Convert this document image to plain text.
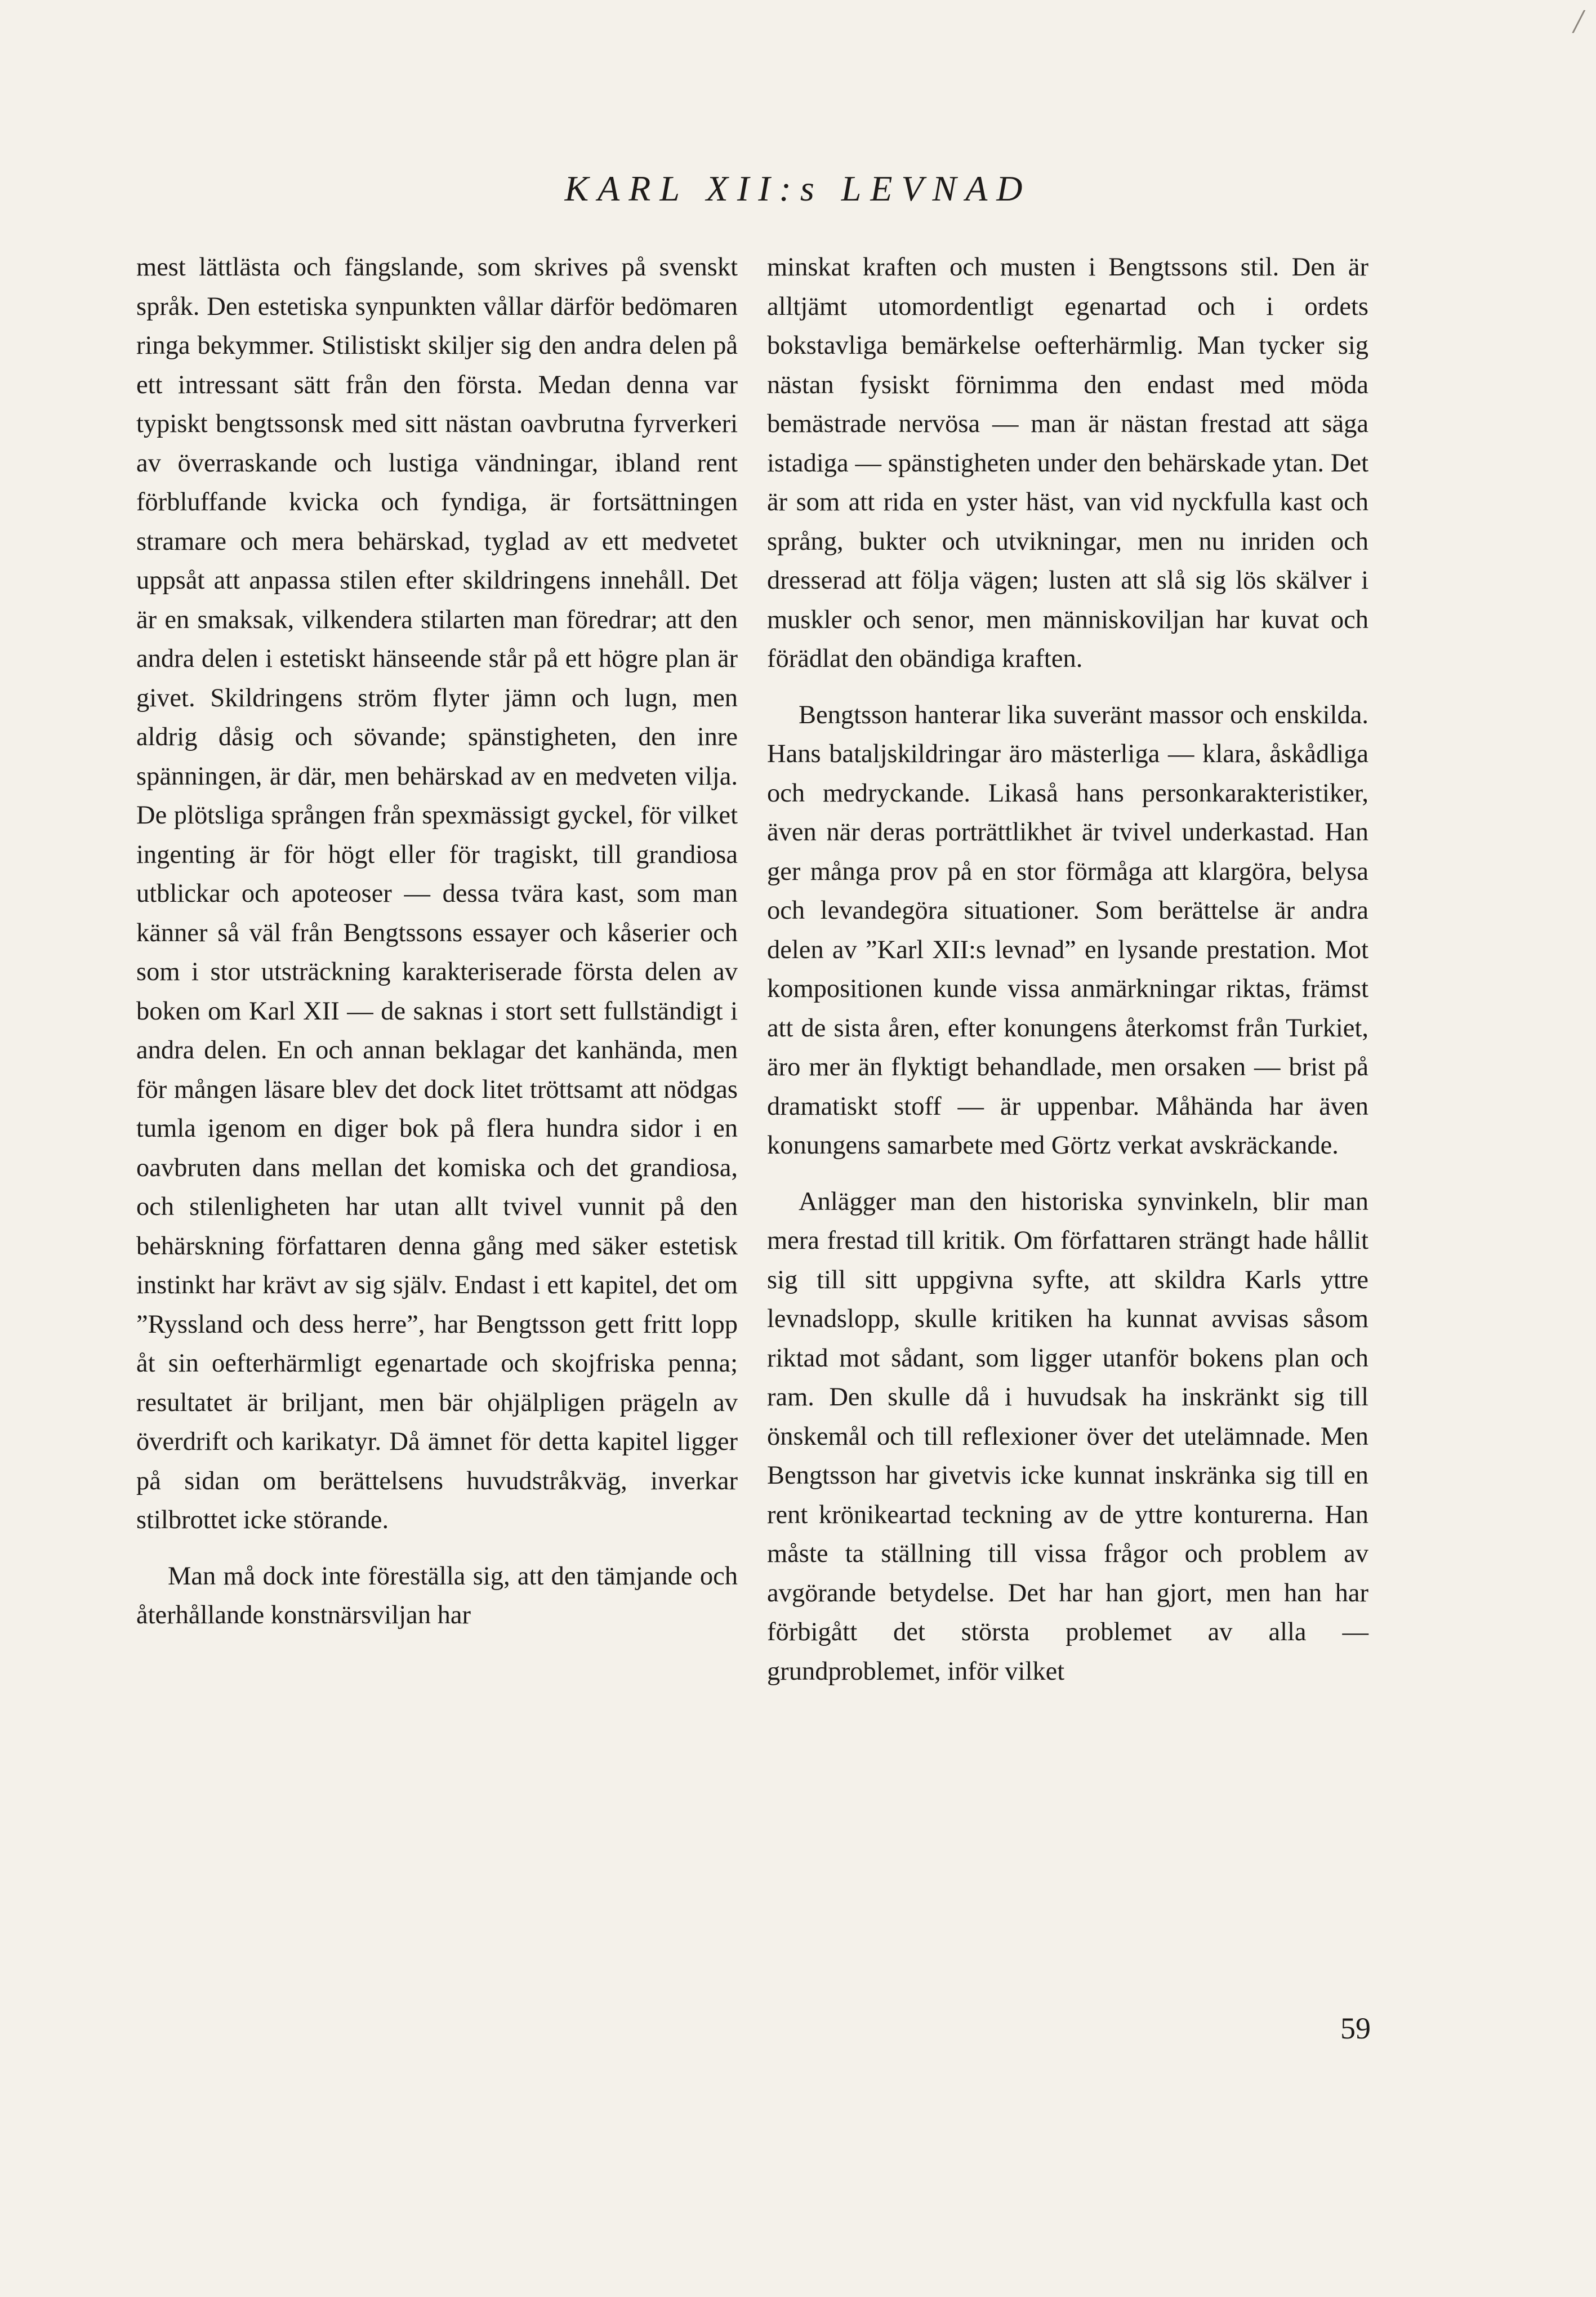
/
KARL XII:s LEVNAD

mest lättlästa och fängslande, som skrives på svenskt språk. Den estetiska synpunkten vållar därför bedömaren ringa bekymmer. Stilistiskt skiljer sig den andra delen på ett intressant sätt från den första. Medan denna var typiskt bengtssonsk med sitt nästan oavbrutna fyrverkeri av överraskande och lustiga vändningar, ibland rent förbluffande kvicka och fyndiga, är fortsättningen stramare och mera behärskad, tyglad av ett medvetet uppsåt att anpassa stilen efter skildringens innehåll. Det är en smaksak, vilkendera stilarten man föredrar; att den andra delen i estetiskt hänseende står på ett högre plan är givet. Skildringens ström flyter jämn och lugn, men aldrig dåsig och sövande; spänstigheten, den inre spänningen, är där, men behärskad av en medveten vilja. De plötsliga sprången från spexmässigt gyckel, för vilket ingenting är för högt eller för tragiskt, till grandiosa utblickar och apoteoser — dessa tvära kast, som man känner så väl från Bengtssons essayer och kåserier och som i stor utsträckning karakteriserade första delen av boken om Karl XII — de saknas i stort sett fullständigt i andra delen. En och annan beklagar det kanhända, men för mången läsare blev det dock litet tröttsamt att nödgas tumla igenom en diger bok på flera hundra sidor i en oavbruten dans mellan det komiska och det grandiosa, och stilenligheten har utan allt tvivel vunnit på den behärskning författaren denna gång med säker estetisk instinkt har krävt av sig själv. Endast i ett kapitel, det om ”Ryssland och dess herre”, har Bengtsson gett fritt lopp åt sin oefterhärmligt egenartade och skojfriska penna; resultatet är briljant, men bär ohjälpligen prägeln av överdrift och karikatyr. Då ämnet för detta kapitel ligger på sidan om berättelsens huvudstråkväg, inverkar stilbrottet icke störande.

Man må dock inte föreställa sig, att den tämjande och återhållande konstnärsviljan har

minskat kraften och musten i Bengtssons stil. Den är alltjämt utomordentligt egenartad och i ordets bokstavliga bemärkelse oefterhärmlig. Man tycker sig nästan fysiskt förnimma den endast med möda bemästrade nervösa — man är nästan frestad att säga istadiga — spänstigheten under den behärskade ytan. Det är som att rida en yster häst, van vid nyckfulla kast och språng, bukter och utvikningar, men nu inriden och dresserad att följa vägen; lusten att slå sig lös skälver i muskler och senor, men människoviljan har kuvat och förädlat den obändiga kraften.

Bengtsson hanterar lika suveränt massor och enskilda. Hans bataljskildringar äro mästerliga — klara, åskådliga och medryckande. Likaså hans personkarakteristiker, även när deras porträttlikhet är tvivel underkastad. Han ger många prov på en stor förmåga att klargöra, belysa och levandegöra situationer. Som berättelse är andra delen av ”Karl XII:s levnad” en lysande prestation. Mot kompositionen kunde vissa anmärkningar riktas, främst att de sista åren, efter konungens återkomst från Turkiet, äro mer än flyktigt behandlade, men orsaken — brist på dramatiskt stoff — är uppenbar. Måhända har även konungens samarbete med Görtz verkat avskräckande.

Anlägger man den historiska synvinkeln, blir man mera frestad till kritik. Om författaren strängt hade hållit sig till sitt uppgivna syfte, att skildra Karls yttre levnadslopp, skulle kritiken ha kunnat avvisas såsom riktad mot sådant, som ligger utanför bokens plan och ram. Den skulle då i huvudsak ha inskränkt sig till önskemål och till reflexioner över det utelämnade. Men Bengtsson har givetvis icke kunnat inskränka sig till en rent krönikeartad teckning av de yttre konturerna. Han måste ta ställning till vissa frågor och problem av avgörande betydelse. Det har han gjort, men han har förbigått det största problemet av alla — grundproblemet, inför vilket

59
